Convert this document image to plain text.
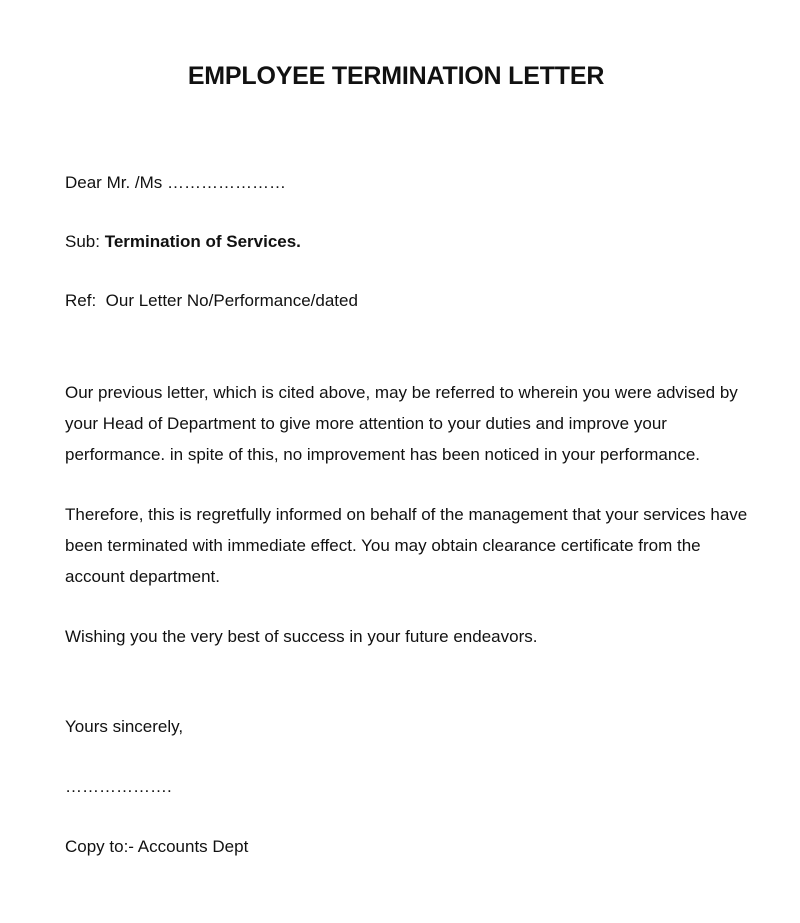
EMPLOYEE TERMINATION LETTER
Dear Mr. /Ms …………………
Sub: Termination of Services.
Ref: Our Letter No/Performance/dated
Our previous letter, which is cited above, may be referred to wherein you were advised by your Head of Department to give more attention to your duties and improve your performance. in spite of this, no improvement has been noticed in your performance.
Therefore, this is regretfully informed on behalf of the management that your services have been terminated with immediate effect. You may obtain clearance certificate from the account department.
Wishing you the very best of success in your future endeavors.
Yours sincerely,
……………….
Copy to:- Accounts Dept
